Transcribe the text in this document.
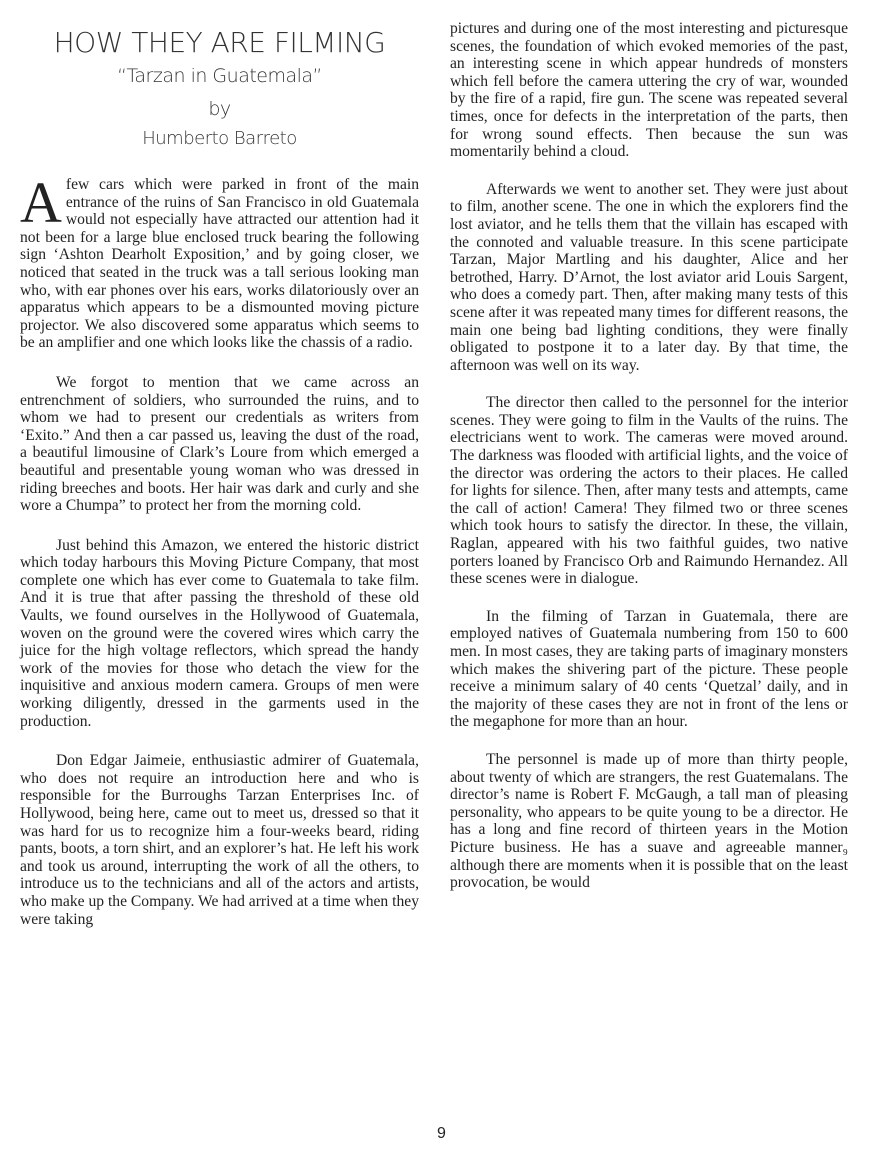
HOW THEY ARE FILMING
“Tarzan in Guatemala”
by
Humberto Barreto

Afew cars which were parked in front of the main entrance of the ruins of San Francisco in old Guatemala would not especially have attracted our attention had it not been for a large blue enclosed truck bearing the following sign ‘Ashton Dearholt Exposition,’ and by going closer, we noticed that seated in the truck was a tall serious looking man who, with ear phones over his ears, works dilatoriously over an apparatus which appears to be a dismounted moving picture projector. We also discovered some apparatus which seems to be an amplifier and one which looks like the chassis of a radio.

We forgot to mention that we came across an entrenchment of soldiers, who surrounded the ruins, and to whom we had to present our credentials as writers from ‘Exito.” And then a car passed us, leaving the dust of the road, a beautiful limousine of Clark’s Loure from which emerged a beautiful and presentable young woman who was dressed in riding breeches and boots. Her hair was dark and curly and she wore a Chumpa” to protect her from the morning cold.

Just behind this Amazon, we entered the historic district which today harbours this Moving Picture Company, that most complete one which has ever come to Guatemala to take film. And it is true that after passing the threshold of these old Vaults, we found ourselves in the Hollywood of Guatemala, woven on the ground were the covered wires which carry the juice for the high voltage reflectors, which spread the handy work of the movies for those who detach the view for the inquisitive and anxious modern camera. Groups of men were working diligently, dressed in the garments used in the production.

Don Edgar Jaimeie, enthusiastic admirer of Guatemala, who does not require an introduction here and who is responsible for the Burroughs Tarzan Enterprises Inc. of Hollywood, being here, came out to meet us, dressed so that it was hard for us to recognize him a four-weeks beard, riding pants, boots, a torn shirt, and an explorer’s hat. He left his work and took us around, interrupting the work of all the others, to introduce us to the technicians and all of the actors and artists, who make up the Company. We had arrived at a time when they were taking

pictures and during one of the most interesting and picturesque scenes, the foundation of which evoked memories of the past, an interesting scene in which appear hundreds of monsters which fell before the camera uttering the cry of war, wounded by the fire of a rapid, fire gun. The scene was repeated several times, once for defects in the interpretation of the parts, then for wrong sound effects. Then because the sun was momentarily behind a cloud.

Afterwards we went to another set. They were just about to film, another scene. The one in which the explorers find the lost aviator, and he tells them that the villain has escaped with the connoted and valuable treasure. In this scene participate Tarzan, Major Martling and his daughter, Alice and her betrothed, Harry. D’Arnot, the lost aviator arid Louis Sargent, who does a comedy part. Then, after making many tests of this scene after it was repeated many times for different reasons, the main one being bad lighting conditions, they were finally obligated to postpone it to a later day. By that time, the afternoon was well on its way.

The director then called to the personnel for the interior scenes. They were going to film in the Vaults of the ruins. The electricians went to work. The cameras were moved around. The darkness was flooded with artificial lights, and the voice of the director was ordering the actors to their places. He called for lights for silence. Then, after many tests and attempts, came the call of action! Camera! They filmed two or three scenes which took hours to satisfy the director. In these, the villain, Raglan, appeared with his two faithful guides, two native porters loaned by Francisco Orb and Raimundo Hernandez. All these scenes were in dialogue.

In the filming of Tarzan in Guatemala, there are employed natives of Guatemala numbering from 150 to 600 men. In most cases, they are taking parts of imaginary monsters which makes the shivering part of the picture. These people receive a minimum salary of 40 cents ‘Quetzal’ daily, and in the majority of these cases they are not in front of the lens or the megaphone for more than an hour.

The personnel is made up of more than thirty people, about twenty of which are strangers, the rest Guatemalans. The director’s name is Robert F. McGaugh, a tall man of pleasing personality, who appears to be quite young to be a director. He has a long and fine record of thirteen years in the Motion Picture business. He has a suave and agreeable manner₉ although there are moments when it is possible that on the least provocation, be would

9
